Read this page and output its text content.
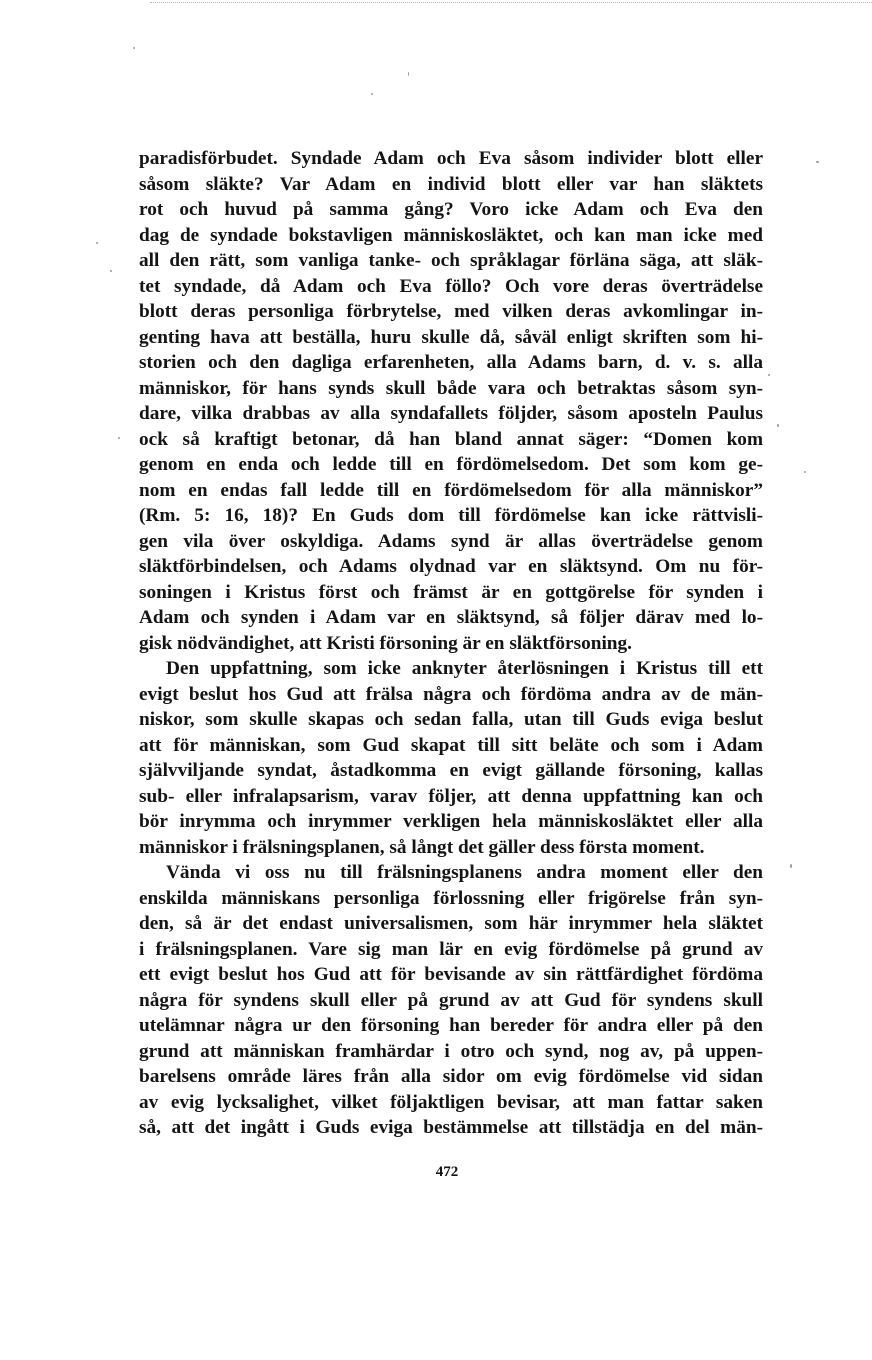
paradisförbudet. Syndade Adam och Eva såsom individer blott eller
såsom släkte? Var Adam en individ blott eller var han släktets
rot och huvud på samma gång? Voro icke Adam och Eva den
dag de syndade bokstavligen människosläktet, och kan man icke med
all den rätt, som vanliga tanke- och språklagar förläna säga, att släk-
tet syndade, då Adam och Eva föllo? Och vore deras överträdelse
blott deras personliga förbrytelse, med vilken deras avkomlingar in-
genting hava att beställa, huru skulle då, såväl enligt skriften som hi-
storien och den dagliga erfarenheten, alla Adams barn, d. v. s. alla
människor, för hans synds skull både vara och betraktas såsom syn-
dare, vilka drabbas av alla syndafallets följder, såsom aposteln Paulus
ock så kraftigt betonar, då han bland annat säger: “Domen kom
genom en enda och ledde till en fördömelsedom. Det som kom ge-
nom en endas fall ledde till en fördömelsedom för alla människor”
(Rm. 5: 16, 18)? En Guds dom till fördömelse kan icke rättvisli-
gen vila över oskyldiga. Adams synd är allas överträdelse genom
släktförbindelsen, och Adams olydnad var en släktsynd. Om nu för-
soningen i Kristus först och främst är en gottgörelse för synden i
Adam och synden i Adam var en släktsynd, så följer därav med lo-
gisk nödvändighet, att Kristi försoning är en släktförsoning.
Den uppfattning, som icke anknyter återlösningen i Kristus till ett
evigt beslut hos Gud att frälsa några och fördöma andra av de män-
niskor, som skulle skapas och sedan falla, utan till Guds eviga beslut
att för människan, som Gud skapat till sitt beläte och som i Adam
självviljande syndat, åstadkomma en evigt gällande försoning, kallas
sub- eller infralapsarism, varav följer, att denna uppfattning kan och
bör inrymma och inrymmer verkligen hela människosläktet eller alla
människor i frälsningsplanen, så långt det gäller dess första moment.
Vända vi oss nu till frälsningsplanens andra moment eller den
enskilda människans personliga förlossning eller frigörelse från syn-
den, så är det endast universalismen, som här inrymmer hela släktet
i frälsningsplanen. Vare sig man lär en evig fördömelse på grund av
ett evigt beslut hos Gud att för bevisande av sin rättfärdighet fördöma
några för syndens skull eller på grund av att Gud för syndens skull
utelämnar några ur den försoning han bereder för andra eller på den
grund att människan framhärdar i otro och synd, nog av, på uppen-
barelsens område läres från alla sidor om evig fördömelse vid sidan
av evig lycksalighet, vilket följaktligen bevisar, att man fattar saken
så, att det ingått i Guds eviga bestämmelse att tillstädja en del män-
472
